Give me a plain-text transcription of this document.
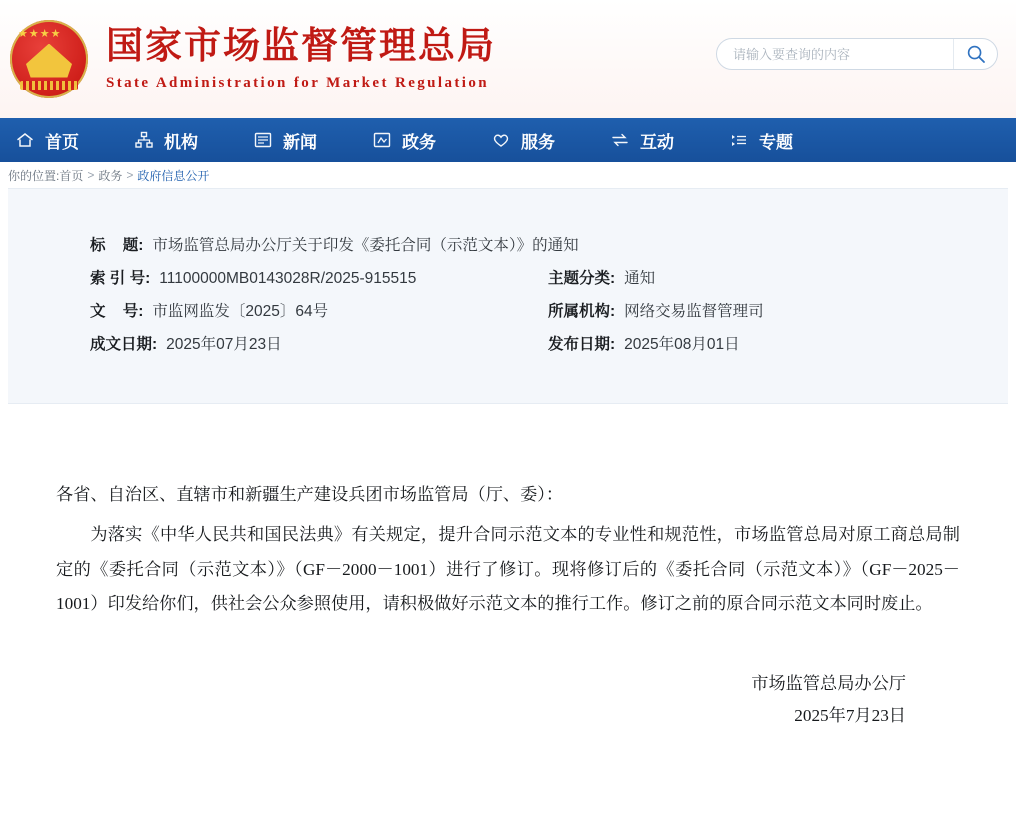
★★★★ 国家市场监督管理总局
State Administration for Market Regulation
请输入要查询的内容
首页	机构	新闻	政务	服务	互动	专题
你的位置: 首页 > 政务 > 政府信息公开
标    题: 市场监管总局办公厅关于印发《委托合同（示范文本）》的通知
索 引 号: 11100000MB0143028R/2025-915515	主题分类: 通知
文    号: 市监网监发〔2025〕64号	所属机构: 网络交易监督管理司
成文日期: 2025年07月23日	发布日期: 2025年08月01日

各省、自治区、直辖市和新疆生产建设兵团市场监管局（厅、委）：

为落实《中华人民共和国民法典》有关规定，提升合同示范文本的专业性和规范性，市场监管总局对原工商总局制定的《委托合同（示范文本）》（GF－2000－1001）进行了修订。现将修订后的《委托合同（示范文本）》（GF－2025－1001）印发给你们，供社会公众参照使用，请积极做好示范文本的推行工作。修订之前的原合同示范文本同时废止。

市场监管总局办公厅
2025年7月23日
